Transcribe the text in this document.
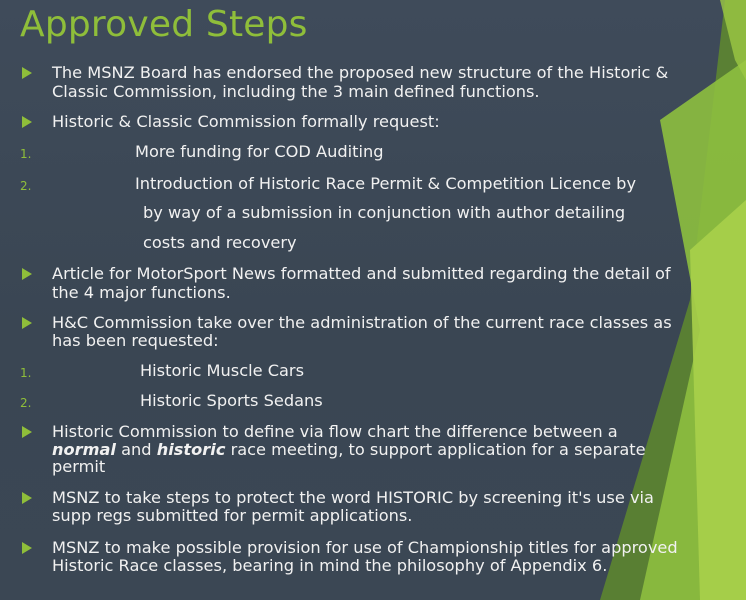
Approved Steps
The MSNZ Board has endorsed the proposed new structure of the Historic &
Classic Commission, including the 3 main defined functions.
Historic & Classic Commission formally request:
1.	More funding for COD Auditing
2.	Introduction of Historic Race Permit & Competition Licence by
by way of a submission in conjunction with author detailing
costs and recovery
Article for MotorSport News formatted and submitted regarding the detail of
the 4 major functions.
H&C Commission take over the administration of the current race classes as
has been requested:
1.	Historic Muscle Cars
2.	Historic Sports Sedans
Historic Commission to define via flow chart the difference between a
normal and historic race meeting, to support application for a separate
permit
MSNZ to take steps to protect the word HISTORIC by screening it's use via
supp regs submitted for permit applications.
MSNZ to make possible provision for use of Championship titles for approved
Historic Race classes, bearing in mind the philosophy of Appendix 6.
